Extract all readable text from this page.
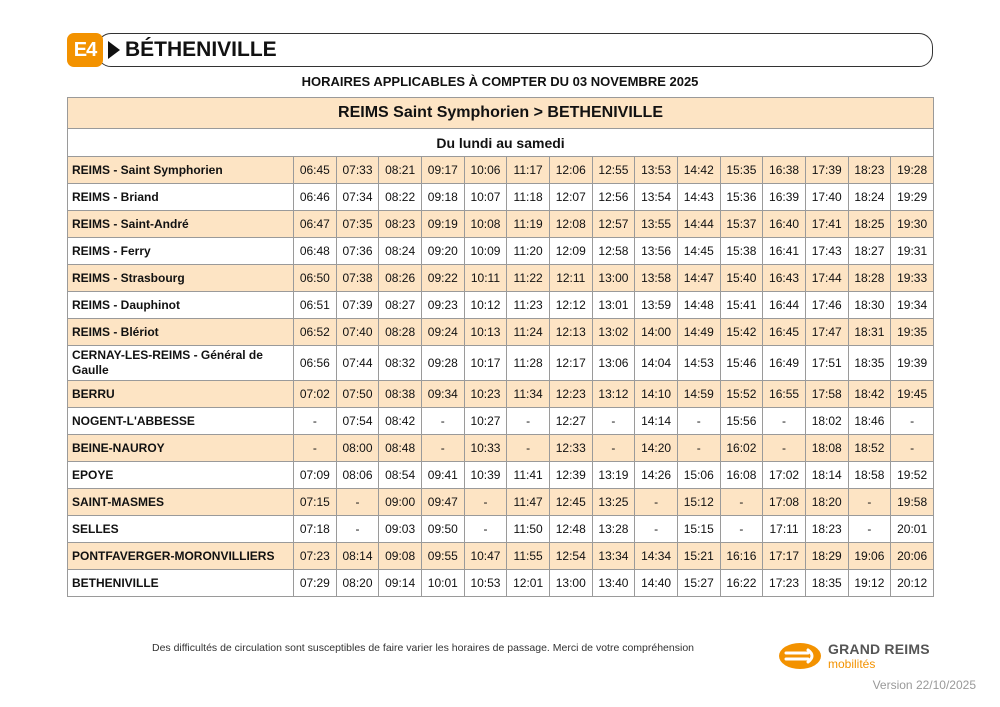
E4	BÉTHENIVILLE
HORAIRES APPLICABLES À COMPTER DU 03 NOVEMBRE 2025
REIMS Saint Symphorien > BETHENIVILLE															
Du lundi au samedi															
REIMS - Saint Symphorien	06:45	07:33	08:21	09:17	10:06	11:17	12:06	12:55	13:53	14:42	15:35	16:38	17:39	18:23	19:28
REIMS - Briand	06:46	07:34	08:22	09:18	10:07	11:18	12:07	12:56	13:54	14:43	15:36	16:39	17:40	18:24	19:29
REIMS - Saint-André	06:47	07:35	08:23	09:19	10:08	11:19	12:08	12:57	13:55	14:44	15:37	16:40	17:41	18:25	19:30
REIMS - Ferry	06:48	07:36	08:24	09:20	10:09	11:20	12:09	12:58	13:56	14:45	15:38	16:41	17:43	18:27	19:31
REIMS - Strasbourg	06:50	07:38	08:26	09:22	10:11	11:22	12:11	13:00	13:58	14:47	15:40	16:43	17:44	18:28	19:33
REIMS - Dauphinot	06:51	07:39	08:27	09:23	10:12	11:23	12:12	13:01	13:59	14:48	15:41	16:44	17:46	18:30	19:34
REIMS - Blériot	06:52	07:40	08:28	09:24	10:13	11:24	12:13	13:02	14:00	14:49	15:42	16:45	17:47	18:31	19:35
CERNAY-LES-REIMS - Général de Gaulle	06:56	07:44	08:32	09:28	10:17	11:28	12:17	13:06	14:04	14:53	15:46	16:49	17:51	18:35	19:39
BERRU	07:02	07:50	08:38	09:34	10:23	11:34	12:23	13:12	14:10	14:59	15:52	16:55	17:58	18:42	19:45
NOGENT-L'ABBESSE	-	07:54	08:42	-	10:27	-	12:27	-	14:14	-	15:56	-	18:02	18:46	-
BEINE-NAUROY	-	08:00	08:48	-	10:33	-	12:33	-	14:20	-	16:02	-	18:08	18:52	-
EPOYE	07:09	08:06	08:54	09:41	10:39	11:41	12:39	13:19	14:26	15:06	16:08	17:02	18:14	18:58	19:52
SAINT-MASMES	07:15	-	09:00	09:47	-	11:47	12:45	13:25	-	15:12	-	17:08	18:20	-	19:58
SELLES	07:18	-	09:03	09:50	-	11:50	12:48	13:28	-	15:15	-	17:11	18:23	-	20:01
PONTFAVERGER-MORONVILLIERS	07:23	08:14	09:08	09:55	10:47	11:55	12:54	13:34	14:34	15:21	16:16	17:17	18:29	19:06	20:06
BETHENIVILLE	07:29	08:20	09:14	10:01	10:53	12:01	13:00	13:40	14:40	15:27	16:22	17:23	18:35	19:12	20:12
Des difficultés de circulation sont susceptibles de faire varier les horaires de passage. Merci de votre compréhension	GRAND REIMS
mobilités
Version 22/10/2025
